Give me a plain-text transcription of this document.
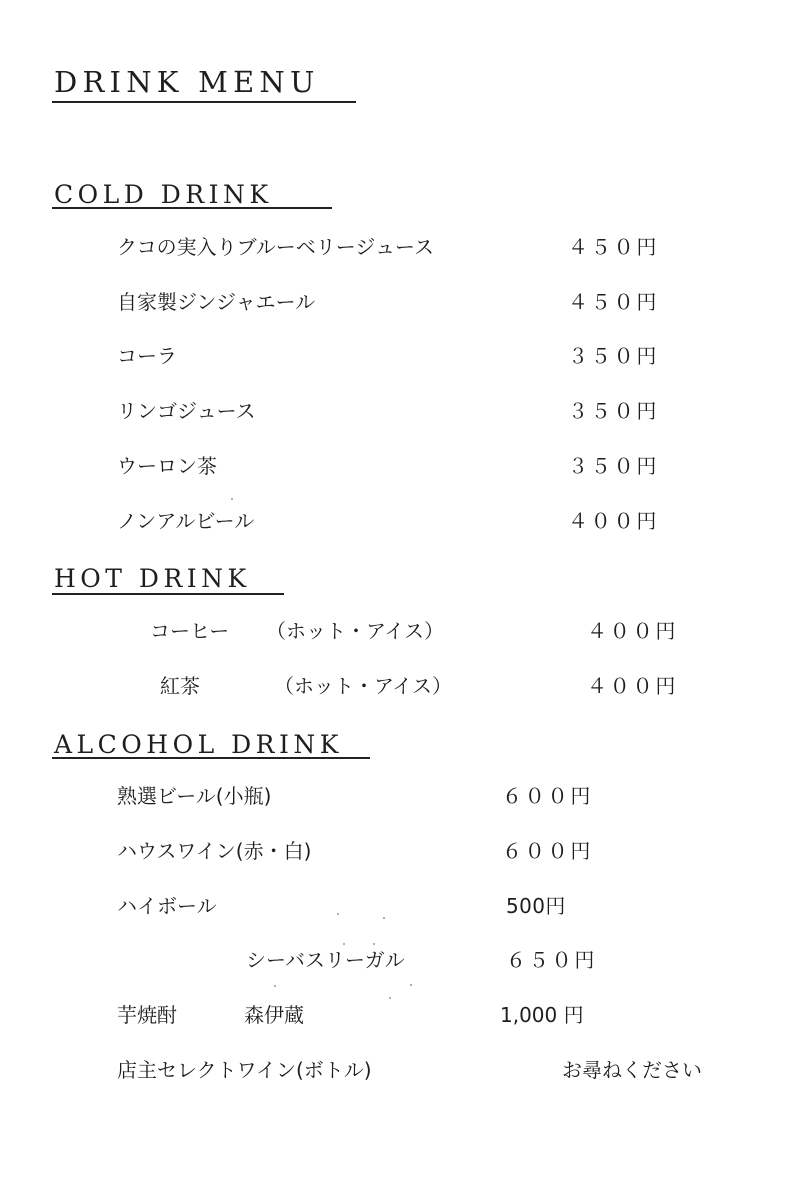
DRINK MENU
COLD DRINK
クコの実入りブルーベリージュース	４５０円
自家製ジンジャエール	４５０円
コーラ	３５０円
リンゴジュース	３５０円
ウーロン茶	３５０円
ノンアルビール	４００円
HOT DRINK
コーヒー （ホット・アイス）	４００円
紅茶	（ホット・アイス）	４００円
ALCOHOL DRINK
熟選ビール(小瓶)	６００円
ハウスワイン(赤・白)	６００円
ハイボール	500円
シーバスリーガル	６５０円
芋焼酎	森伊蔵	1,000 円
店主セレクトワイン(ボトル)	お尋ねください
